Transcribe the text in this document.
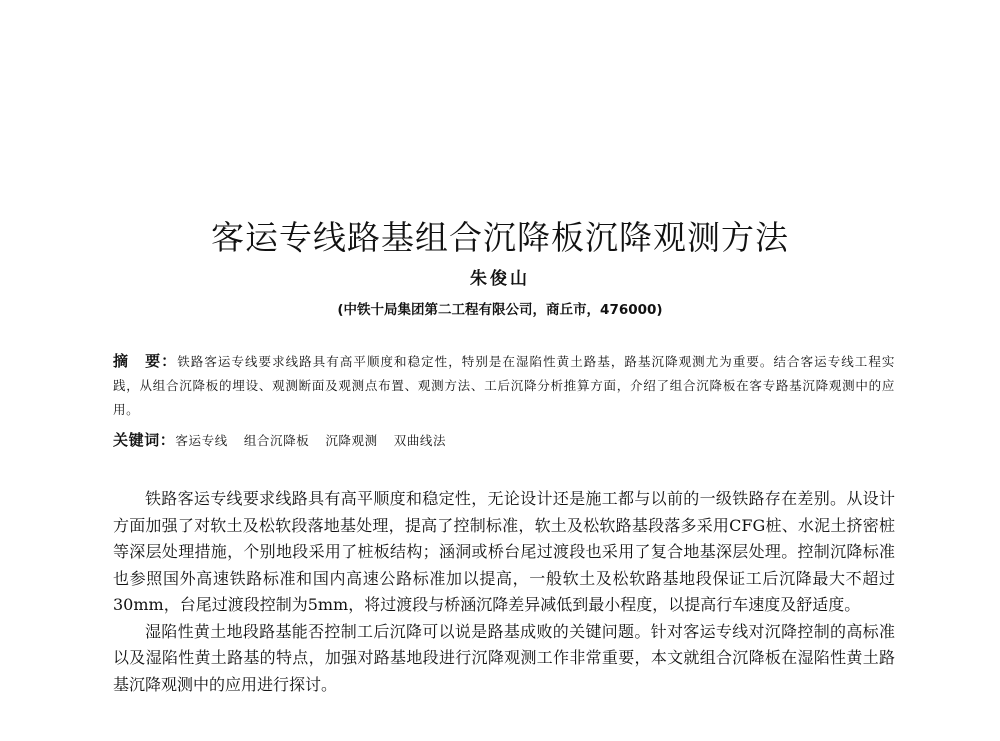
客运专线路基组合沉降板沉降观测方法
朱俊山
(中铁十局集团第二工程有限公司，商丘市，476000)
摘　要：铁路客运专线要求线路具有高平顺度和稳定性，特别是在湿陷性黄土路基，路基沉降观测尤为重要。结合客运专线工程实践，从组合沉降板的埋设、观测断面及观测点布置、观测方法、工后沉降分析推算方面，介绍了组合沉降板在客专路基沉降观测中的应用。
关键词：客运专线 组合沉降板 沉降观测 双曲线法

铁路客运专线要求线路具有高平顺度和稳定性，无论设计还是施工都与以前的一级铁路存在差别。从设计方面加强了对软土及松软段落地基处理，提高了控制标准，软土及松软路基段落多采用CFG桩、水泥土挤密桩等深层处理措施，个别地段采用了桩板结构；涵洞或桥台尾过渡段也采用了复合地基深层处理。控制沉降标准也参照国外高速铁路标准和国内高速公路标准加以提高，一般软土及松软路基地段保证工后沉降最大不超过30mm，台尾过渡段控制为5mm，将过渡段与桥涵沉降差异减低到最小程度，以提高行车速度及舒适度。

湿陷性黄土地段路基能否控制工后沉降可以说是路基成败的关键问题。针对客运专线对沉降控制的高标准以及湿陷性黄土路基的特点，加强对路基地段进行沉降观测工作非常重要，本文就组合沉降板在湿陷性黄土路基沉降观测中的应用进行探讨。
